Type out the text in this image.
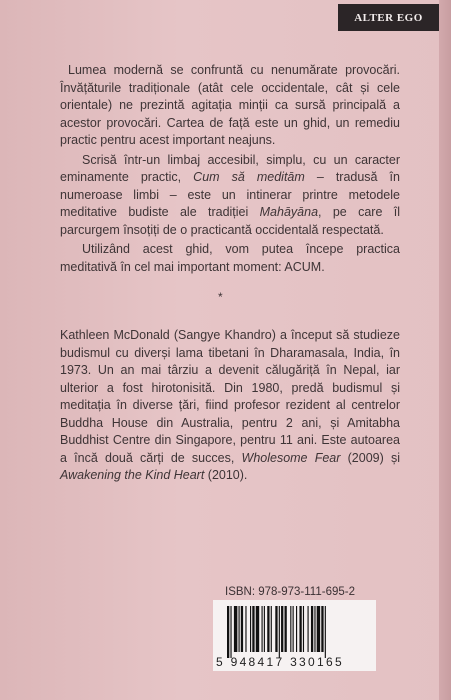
ALTER EGO

Lumea modernă se confruntă cu nenumărate provocări. Învățăturile tradiționale (atât cele occidentale, cât și cele orientale) ne prezintă agitația minții ca sursă principală a acestor provocări. Cartea de față este un ghid, un remediu practic pentru acest important neajuns.

Scrisă într-un limbaj accesibil, simplu, cu un caracter eminamente practic, Cum să meditām – tradusă în numeroase limbi – este un intinerar printre metodele meditative budiste ale tradiției Mahāyāna, pe care îl parcurgem însoțiți de o practicantă occidentală respectată.

Utilizând acest ghid, vom putea începe practica meditativă în cel mai important moment: ACUM.

*

Kathleen McDonald (Sangye Khandro) a început să studieze budismul cu diverși lama tibetani în Dharamasala, India, în 1973. Un an mai târziu a devenit călugăriță în Nepal, iar ulterior a fost hirotonisită. Din 1980, predă budismul și meditația în diverse țări, fiind profesor rezident al centrelor Buddha House din Australia, pentru 2 ani, și Amitabha Buddhist Centre din Singapore, pentru 11 ani. Este autoarea a încă două cărți de succes, Wholesome Fear (2009) și Awakening the Kind Heart (2010).

ISBN: 978-973-111-695-2
5 948417 330165
